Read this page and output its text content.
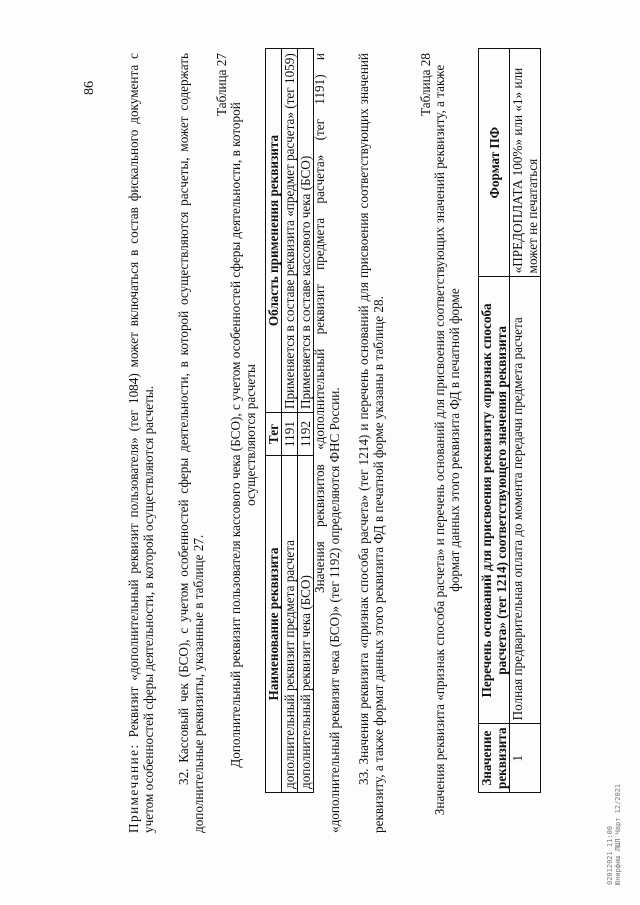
86

Примечание: Реквизит «дополнительный реквизит пользователя» (тег 1084) может включаться в состав фискального документа с учетом особенностей сферы деятельности, в которой осуществляются расчеты. 32. Кассовый чек (БСО), с учетом особенностей сферы деятельности, в которой осуществляются расчеты, может содержать дополнительные реквизиты, указанные в таблице 27.

Таблица 27
Дополнительный реквизит пользователя кассового чека (БСО), с учетом особенностей сферы деятельности, в которой осуществляются расчеты
Наименование реквизита	Тег	Область применения реквизита
дополнительный реквизит предмета расчета	1191	Применяется в составе реквизита «предмет расчета» (тег 1059)
дополнительный реквизит чека (БСО)	1192	Применяется в составе кассового чека (БСО) Значения реквизитов «дополнительный реквизит предмета расчета» (тег 1191) и «дополнительный реквизит чека (БСО)» (тег 1192) определяются ФНС России. 33. Значения реквизита «признак способа расчета» (тег 1214) и перечень оснований для присвоения соответствующих значений реквизиту, а также формат данных этого реквизита ФД в печатной форме указаны в таблице 28.

Таблица 28 Значения реквизита «признак способа расчета» и перечень оснований для присвоения соответствующих значений реквизиту, а также формат данных этого реквизита ФД в печатной форме
Значение реквизита	Перечень оснований для присвоения реквизиту «признак способа расчета» (тег 1214) соответствующего значения реквизита	Формат ПФ
1	Полная предварительная оплата до момента передачи предмета расчета	«ПРЕДОПЛАТА 100%» или «1» или может не печататься
02012021 11:00 Юнирфиш ЛШЛ Чарт 12/2021
